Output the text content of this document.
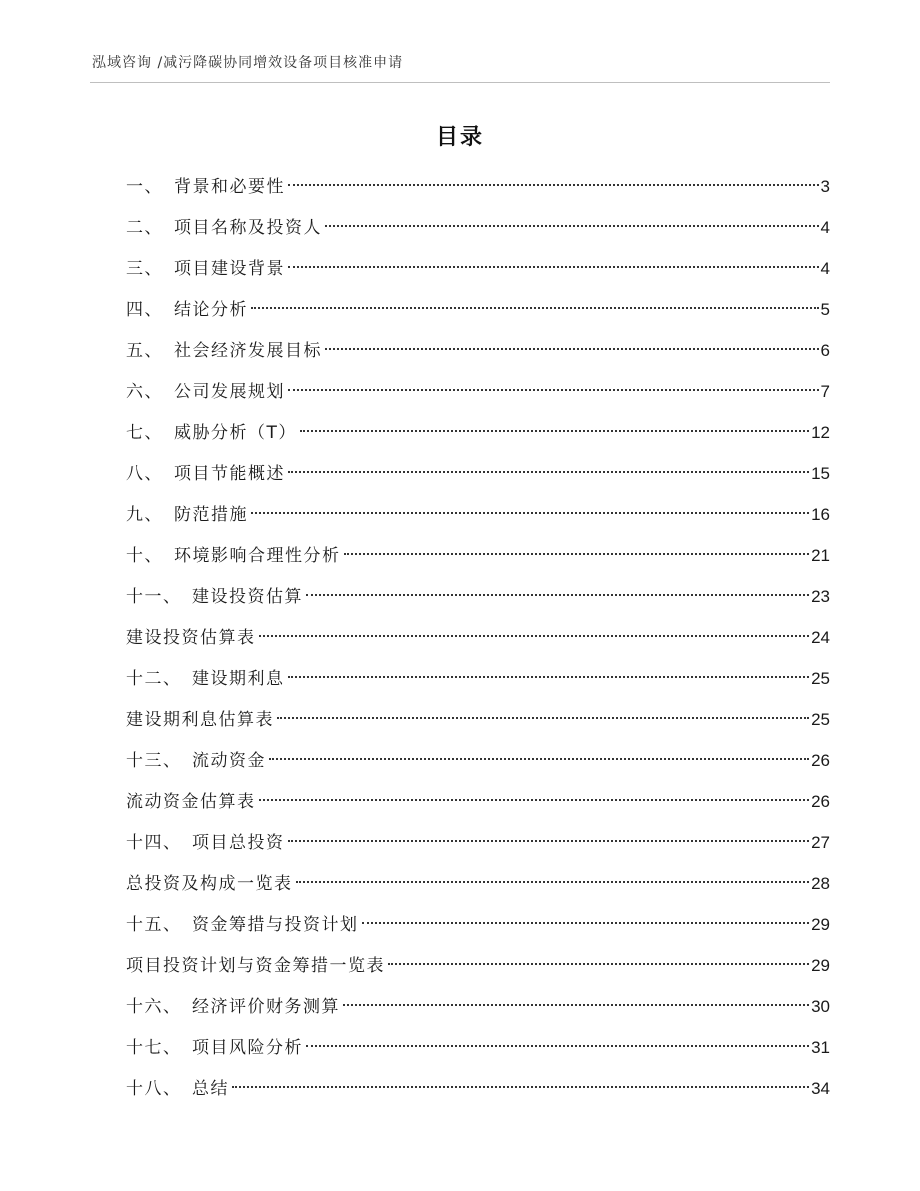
泓域咨询 /减污降碳协同增效设备项目核准申请
目录
一、 背景和必要性	3
二、 项目名称及投资人	4
三、 项目建设背景	4
四、 结论分析	5
五、 社会经济发展目标	6
六、 公司发展规划	7
七、 威胁分析（T）	12
八、 项目节能概述	15
九、 防范措施	16
十、 环境影响合理性分析	21
十一、 建设投资估算	23
建设投资估算表	24
十二、 建设期利息	25
建设期利息估算表	25
十三、 流动资金	26
流动资金估算表	26
十四、 项目总投资	27
总投资及构成一览表	28
十五、 资金筹措与投资计划	29
项目投资计划与资金筹措一览表	29
十六、 经济评价财务测算	30
十七、 项目风险分析	31
十八、 总结	34
